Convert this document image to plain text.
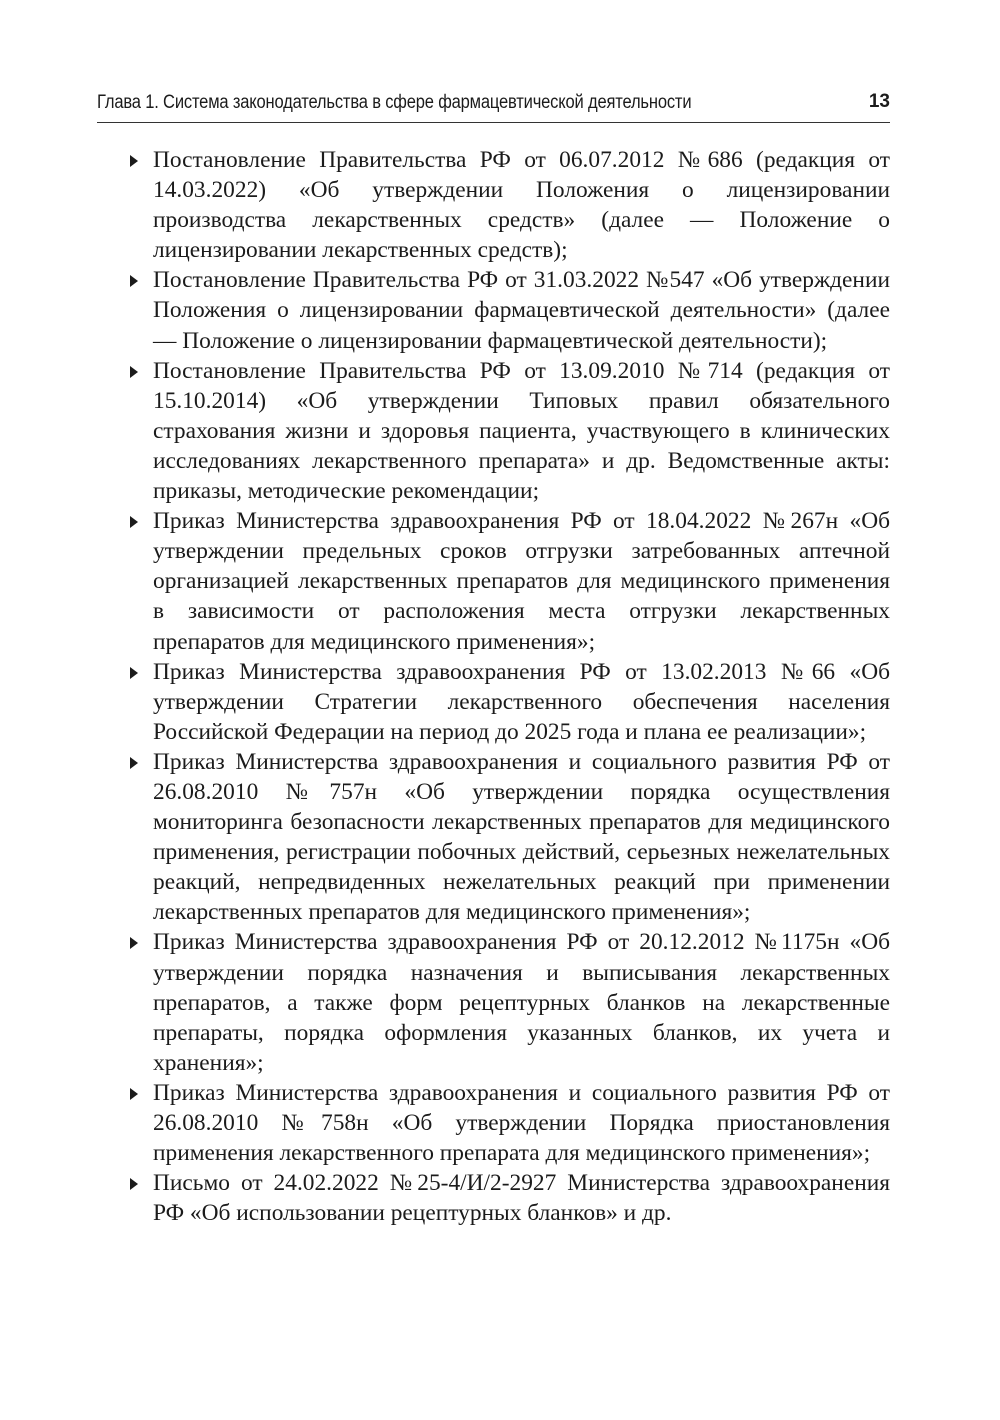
Глава 1. Система законодательства в сфере фармацевтической деятельности	13
Постановление Правительства РФ от 06.07.2012 №686 (редакция от 14.03.2022) «Об утверждении Положения о лицензировании производства лекарственных средств» (далее — Положение о лицензировании лекарственных средств);
Постановление Правительства РФ от 31.03.2022 №547 «Об утверждении Положения о лицензировании фармацевтической деятельности» (далее — Положение о лицензировании фармацевтической деятельности);
Постановление Правительства РФ от 13.09.2010 №714 (редакция от 15.10.2014) «Об утверждении Типовых правил обязательного страхования жизни и здоровья пациента, участвующего в клинических исследованиях лекарственного препарата» и др. Ведомственные акты: приказы, методические рекомендации;
Приказ Министерства здравоохранения РФ от 18.04.2022 №267н «Об утверждении предельных сроков отгрузки затребованных аптечной организацией лекарственных препаратов для медицинского применения в зависимости от расположения места отгрузки лекарственных препаратов для медицинского применения»;
Приказ Министерства здравоохранения РФ от 13.02.2013 №66 «Об утверждении Стратегии лекарственного обеспечения населения Российской Федерации на период до 2025 года и плана ее реализации»;
Приказ Министерства здравоохранения и социального развития РФ от 26.08.2010 №757н «Об утверждении порядка осуществления мониторинга безопасности лекарственных препаратов для медицинского применения, регистрации побочных действий, серьезных нежелательных реакций, непредвиденных нежелательных реакций при применении лекарственных препаратов для медицинского применения»;
Приказ Министерства здравоохранения РФ от 20.12.2012 №1175н «Об утверждении порядка назначения и выписывания лекарственных препаратов, а также форм рецептурных бланков на лекарственные препараты, порядка оформления указанных бланков, их учета и хранения»;
Приказ Министерства здравоохранения и социального развития РФ от 26.08.2010 №758н «Об утверждении Порядка приостановления применения лекарственного препарата для медицинского применения»;
Письмо от 24.02.2022 №25-4/И/2-2927 Министерства здравоохранения РФ «Об использовании рецептурных бланков» и др.
